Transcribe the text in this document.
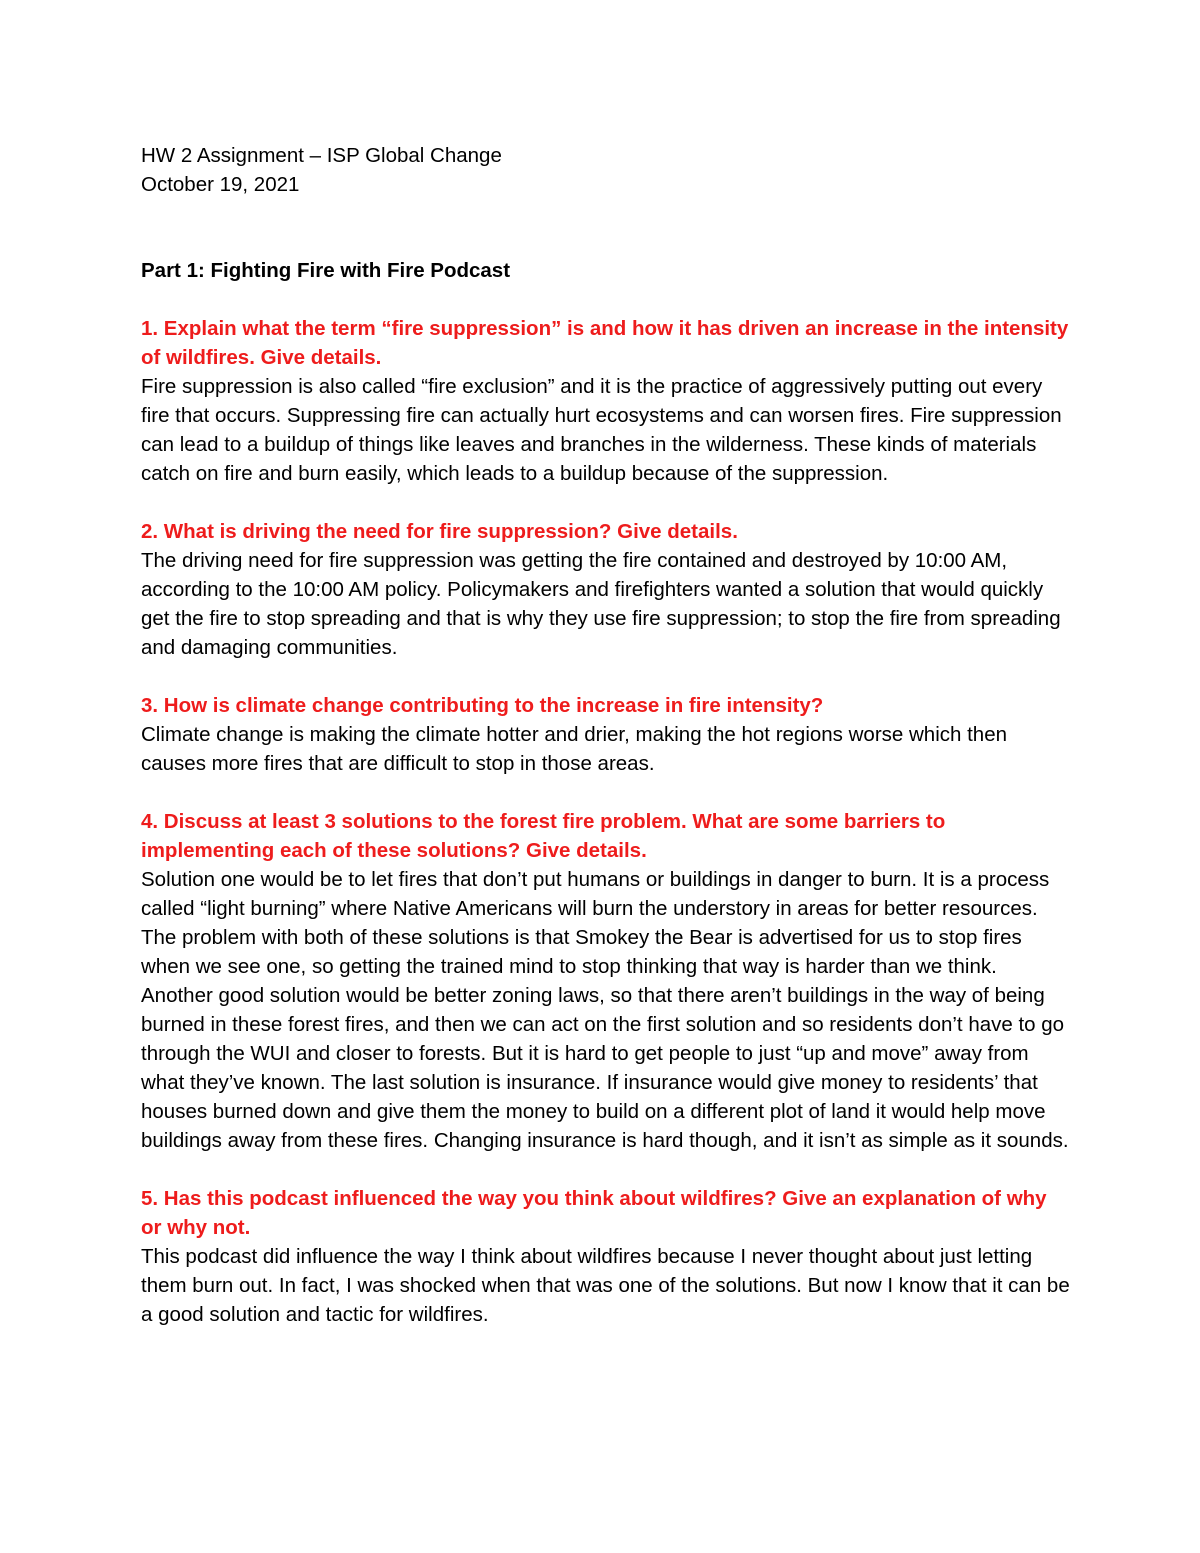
HW 2 Assignment – ISP Global Change

October 19, 2021

Part 1: Fighting Fire with Fire Podcast

1. Explain what the term “fire suppression” is and how it has driven an increase in the intensity of wildfires. Give details.

Fire suppression is also called “fire exclusion” and it is the practice of aggressively putting out every fire that occurs. Suppressing fire can actually hurt ecosystems and can worsen fires. Fire suppression can lead to a buildup of things like leaves and branches in the wilderness. These kinds of materials catch on fire and burn easily, which leads to a buildup because of the suppression.

2. What is driving the need for fire suppression? Give details.

The driving need for fire suppression was getting the fire contained and destroyed by 10:00 AM, according to the 10:00 AM policy. Policymakers and firefighters wanted a solution that would quickly get the fire to stop spreading and that is why they use fire suppression; to stop the fire from spreading and damaging communities.

3. How is climate change contributing to the increase in fire intensity?

Climate change is making the climate hotter and drier, making the hot regions worse which then causes more fires that are difficult to stop in those areas.

4. Discuss at least 3 solutions to the forest fire problem. What are some barriers to implementing each of these solutions? Give details.

Solution one would be to let fires that don’t put humans or buildings in danger to burn. It is a process called “light burning” where Native Americans will burn the understory in areas for better resources. The problem with both of these solutions is that Smokey the Bear is advertised for us to stop fires when we see one, so getting the trained mind to stop thinking that way is harder than we think. Another good solution would be better zoning laws, so that there aren’t buildings in the way of being burned in these forest fires, and then we can act on the first solution and so residents don’t have to go through the WUI and closer to forests. But it is hard to get people to just “up and move” away from what they’ve known. The last solution is insurance. If insurance would give money to residents’ that houses burned down and give them the money to build on a different plot of land it would help move buildings away from these fires. Changing insurance is hard though, and it isn’t as simple as it sounds.

5. Has this podcast influenced the way you think about wildfires? Give an explanation of why or why not.

This podcast did influence the way I think about wildfires because I never thought about just letting them burn out. In fact, I was shocked when that was one of the solutions. But now I know that it can be a good solution and tactic for wildfires.
